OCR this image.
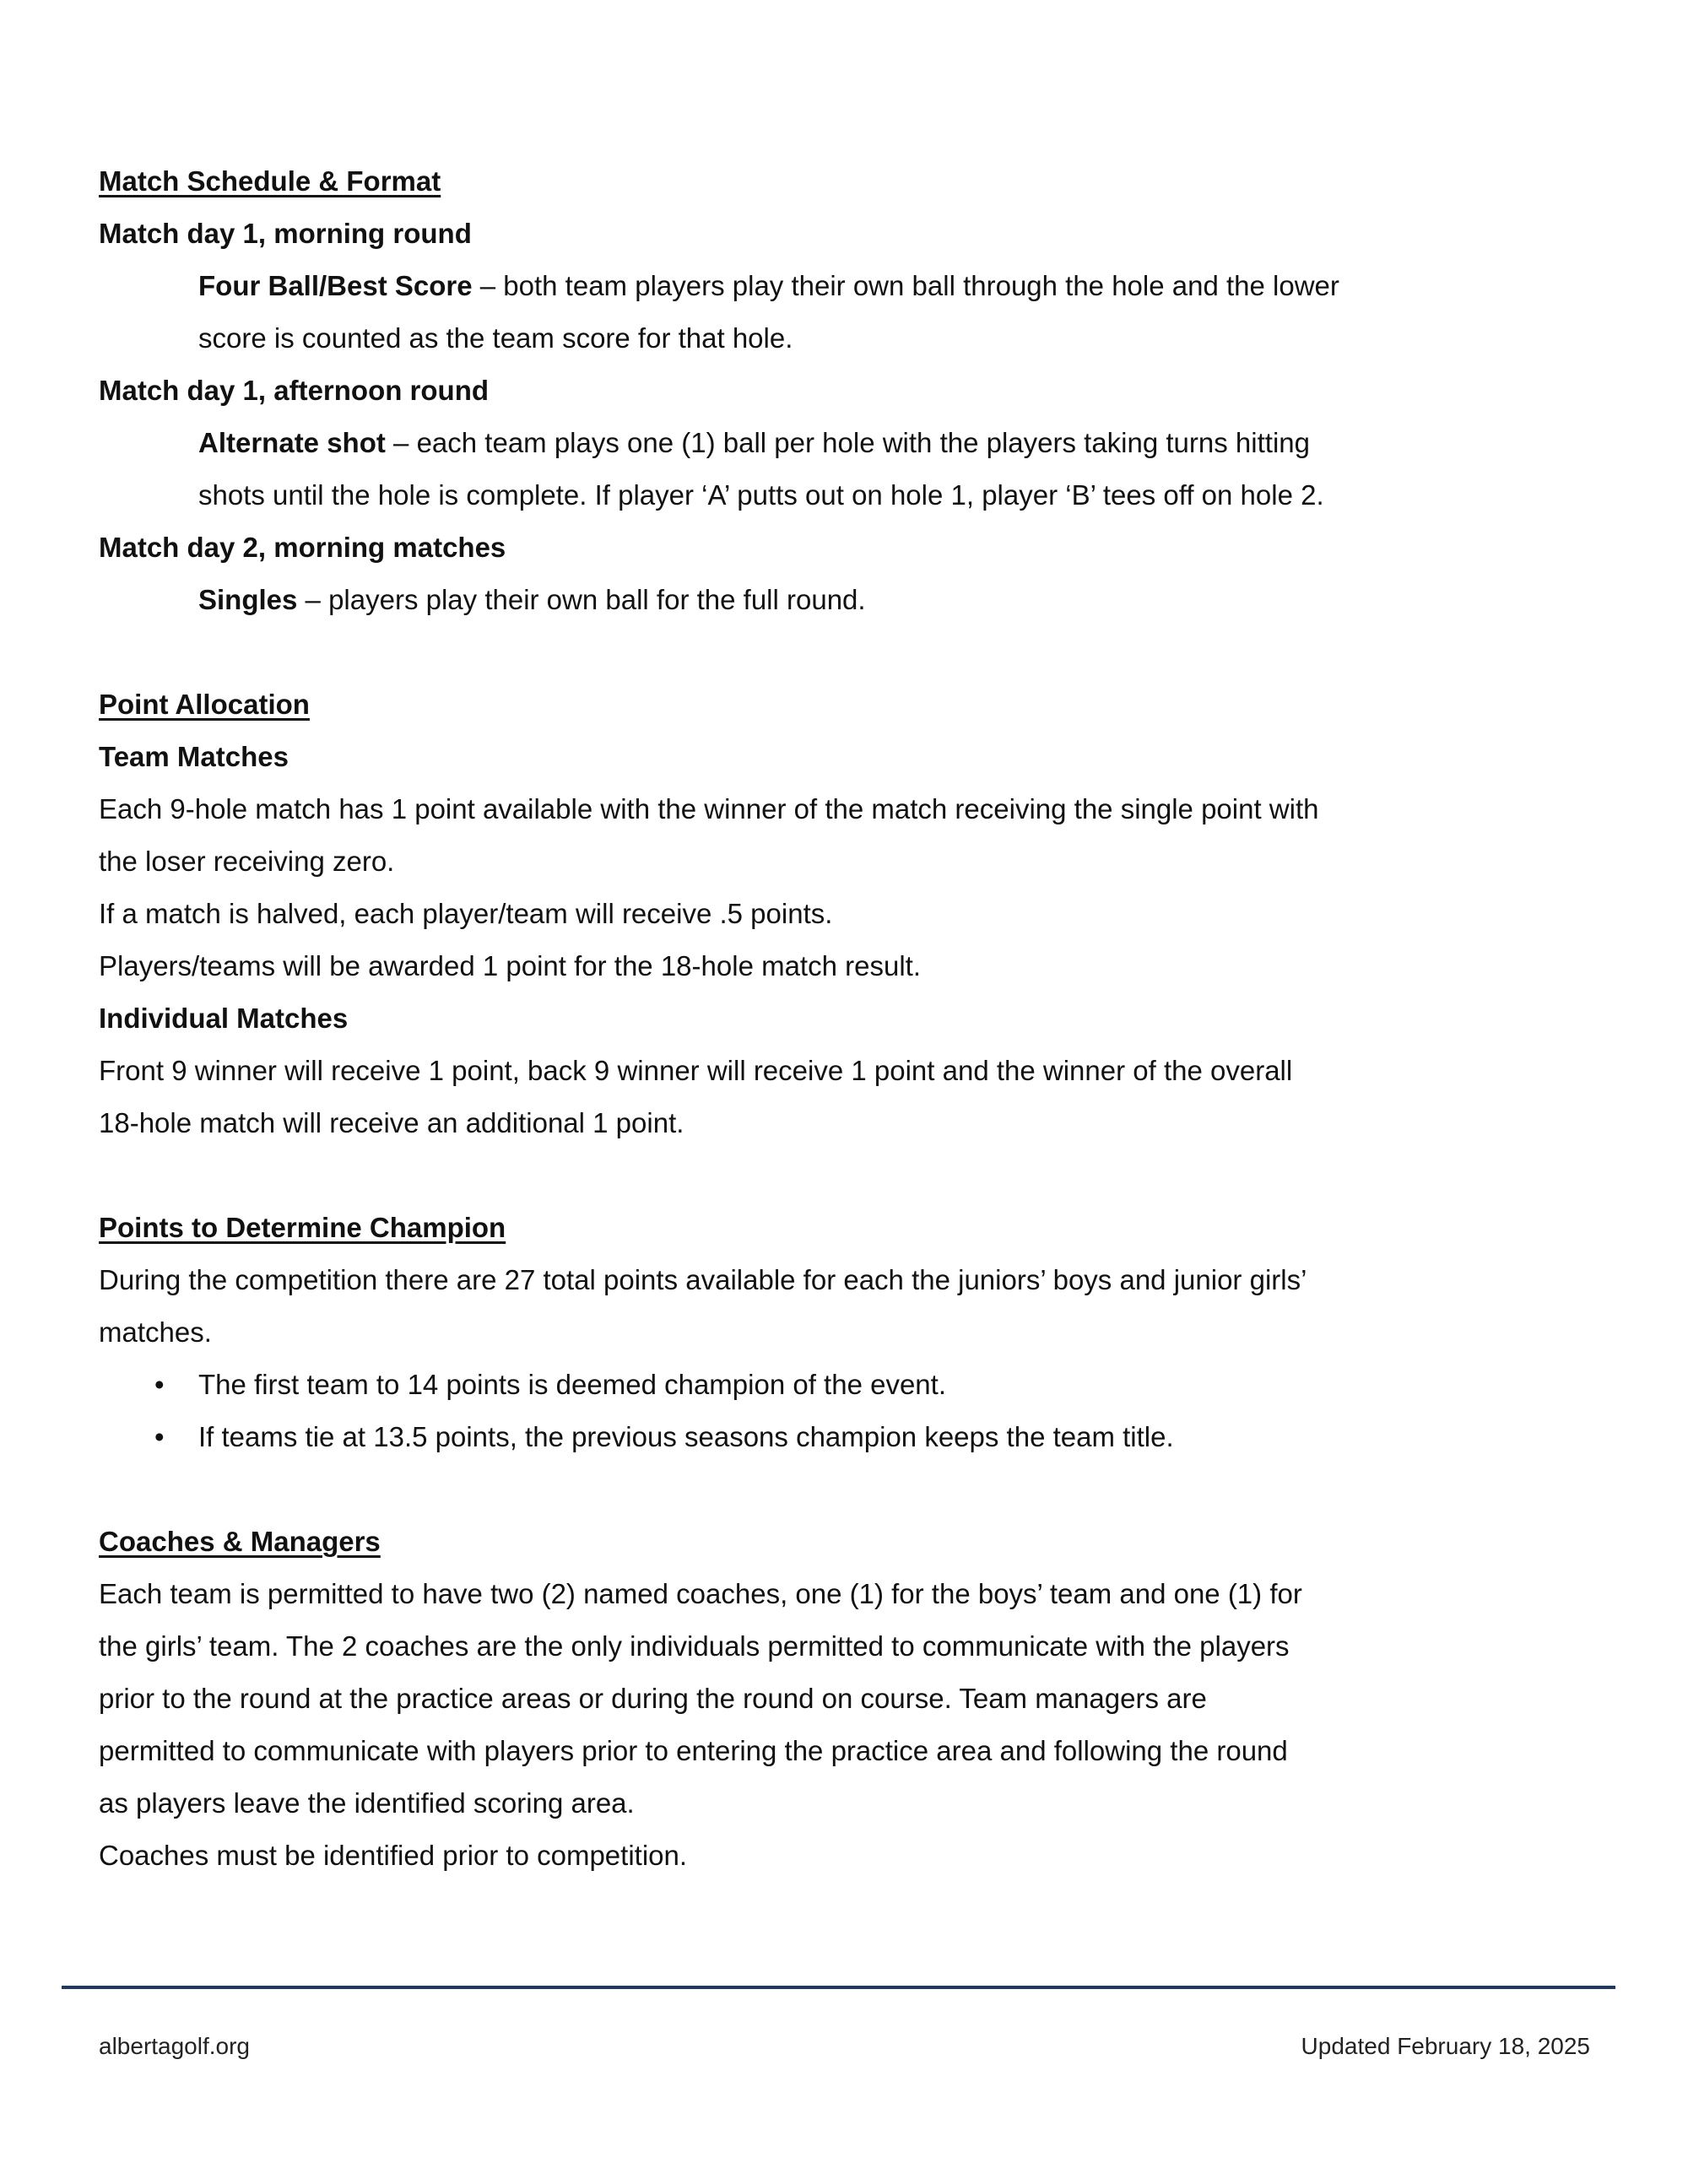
Match Schedule & Format
Match day 1, morning round
Four Ball/Best Score – both team players play their own ball through the hole and the lower
score is counted as the team score for that hole.
Match day 1, afternoon round
Alternate shot – each team plays one (1) ball per hole with the players taking turns hitting
shots until the hole is complete. If player ‘A’ putts out on hole 1, player ‘B’ tees off on hole 2.
Match day 2, morning matches
Singles – players play their own ball for the full round.
Point Allocation
Team Matches
Each 9-hole match has 1 point available with the winner of the match receiving the single point with
the loser receiving zero.
If a match is halved, each player/team will receive .5 points.
Players/teams will be awarded 1 point for the 18-hole match result.
Individual Matches
Front 9 winner will receive 1 point, back 9 winner will receive 1 point and the winner of the overall
18-hole match will receive an additional 1 point.
Points to Determine Champion
During the competition there are 27 total points available for each the juniors’ boys and junior girls’
matches.
• The first team to 14 points is deemed champion of the event.
• If teams tie at 13.5 points, the previous seasons champion keeps the team title.
Coaches & Managers
Each team is permitted to have two (2) named coaches, one (1) for the boys’ team and one (1) for
the girls’ team. The 2 coaches are the only individuals permitted to communicate with the players
prior to the round at the practice areas or during the round on course. Team managers are
permitted to communicate with players prior to entering the practice area and following the round
as players leave the identified scoring area.
Coaches must be identified prior to competition.
albertagolf.org	Updated February 18, 2025
